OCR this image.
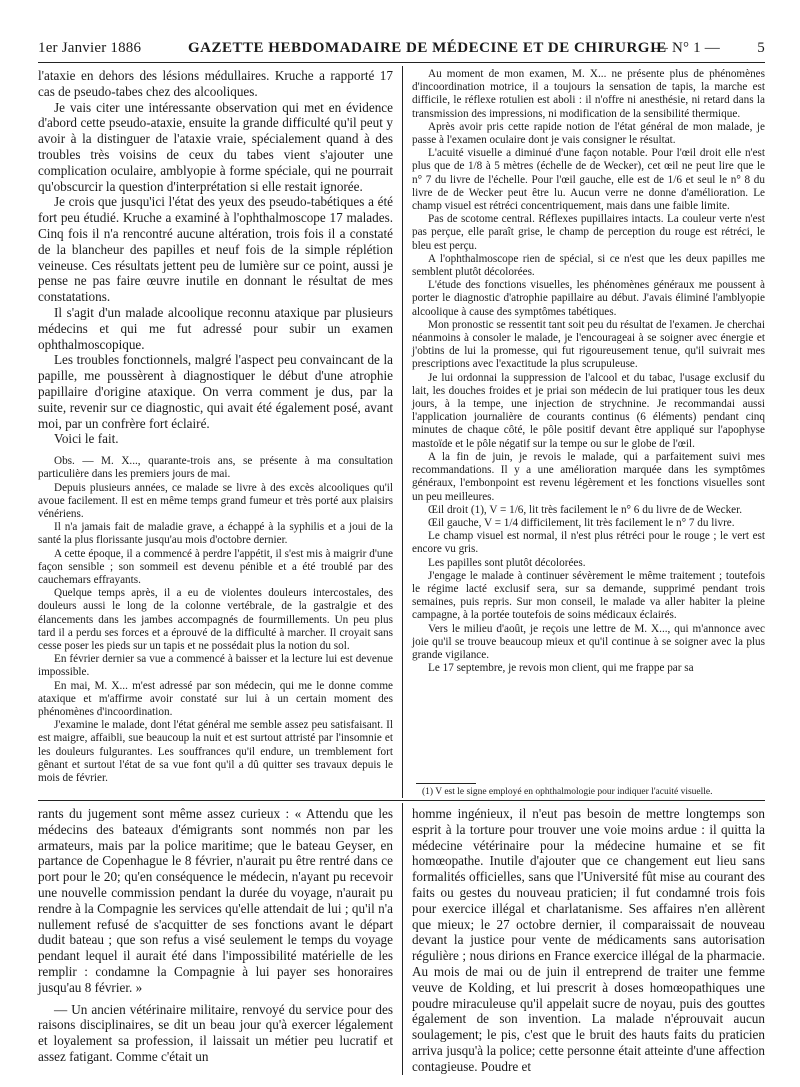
1er Janvier 1886	GAZETTE HEBDOMADAIRE DE MÉDECINE ET DE CHIRURGIE
— N° 1 — 5

l'ataxie en dehors des lésions médullaires. Kruche a rapporté 17 cas de pseudo-tabes chez des alcooliques.

Je vais citer une intéressante observation qui met en évidence d'abord cette pseudo-ataxie, ensuite la grande difficulté qu'il peut y avoir à la distinguer de l'ataxie vraie, spécialement quand à des troubles très voisins de ceux du tabes vient s'ajouter une complication oculaire, amblyopie à forme spéciale, qui ne pourrait qu'obscurcir la question d'interprétation si elle restait ignorée.

Je crois que jusqu'ici l'état des yeux des pseudo-tabétiques a été fort peu étudié. Kruche a examiné à l'ophthalmoscope 17 malades. Cinq fois il n'a rencontré aucune altération, trois fois il a constaté de la blancheur des papilles et neuf fois de la simple réplétion veineuse. Ces résultats jettent peu de lumière sur ce point, aussi je pense ne pas faire œuvre inutile en donnant le résultat de mes constatations.

Il s'agit d'un malade alcoolique reconnu ataxique par plusieurs médecins et qui me fut adressé pour subir un examen ophthalmoscopique.

Les troubles fonctionnels, malgré l'aspect peu convaincant de la papille, me poussèrent à diagnostiquer le début d'une atrophie papillaire d'origine ataxique. On verra comment je dus, par la suite, revenir sur ce diagnostic, qui avait été également posé, avant moi, par un confrère fort éclairé.

Voici le fait.

Obs. — M. X..., quarante-trois ans, se présente à ma consultation particulière dans les premiers jours de mai.

Depuis plusieurs années, ce malade se livre à des excès alcooliques qu'il avoue facilement. Il est en même temps grand fumeur et très porté aux plaisirs vénériens.

Il n'a jamais fait de maladie grave, a échappé à la syphilis et a joui de la santé la plus florissante jusqu'au mois d'octobre dernier.

A cette époque, il a commencé à perdre l'appétit, il s'est mis à maigrir d'une façon sensible ; son sommeil est devenu pénible et a été troublé par des cauchemars effrayants.

Quelque temps après, il a eu de violentes douleurs intercostales, des douleurs aussi le long de la colonne vertébrale, de la gastralgie et des élancements dans les jambes accompagnés de fourmillements. Un peu plus tard il a perdu ses forces et a éprouvé de la difficulté à marcher. Il croyait sans cesse poser les pieds sur un tapis et ne possédait plus la notion du sol.

En février dernier sa vue a commencé à baisser et la lecture lui est devenue impossible.

En mai, M. X... m'est adressé par son médecin, qui me le donne comme ataxique et m'affirme avoir constaté sur lui à un certain moment des phénomènes d'incoordination.

J'examine le malade, dont l'état général me semble assez peu satisfaisant. Il est maigre, affaibli, sue beaucoup la nuit et est surtout attristé par l'insomnie et les douleurs fulgurantes. Les souffrances qu'il endure, un tremblement fort gênant et surtout l'état de sa vue font qu'il a dû quitter ses travaux depuis le mois de février.

Au moment de mon examen, M. X... ne présente plus de phénomènes d'incoordination motrice, il a toujours la sensation de tapis, la marche est difficile, le réflexe rotulien est aboli : il n'offre ni anesthésie, ni retard dans la transmission des impressions, ni modification de la sensibilité thermique.

Après avoir pris cette rapide notion de l'état général de mon malade, je passe à l'examen oculaire dont je vais consigner le résultat.

L'acuité visuelle a diminué d'une façon notable. Pour l'œil droit elle n'est plus que de 1/8 à 5 mètres (échelle de de Wecker), cet œil ne peut lire que le n° 7 du livre de l'échelle. Pour l'œil gauche, elle est de 1/6 et seul le n° 8 du livre de de Wecker peut être lu. Aucun verre ne donne d'amélioration. Le champ visuel est rétréci concentriquement, mais dans une faible limite.

Pas de scotome central. Réflexes pupillaires intacts. La couleur verte n'est pas perçue, elle paraît grise, le champ de perception du rouge est rétréci, le bleu est perçu.

A l'ophthalmoscope rien de spécial, si ce n'est que les deux papilles me semblent plutôt décolorées.

L'étude des fonctions visuelles, les phénomènes généraux me poussent à porter le diagnostic d'atrophie papillaire au début. J'avais éliminé l'amblyopie alcoolique à cause des symptômes tabétiques.

Mon pronostic se ressentit tant soit peu du résultat de l'examen. Je cherchai néanmoins à consoler le malade, je l'encourageai à se soigner avec énergie et j'obtins de lui la promesse, qui fut rigoureusement tenue, qu'il suivrait mes prescriptions avec l'exactitude la plus scrupuleuse.

Je lui ordonnai la suppression de l'alcool et du tabac, l'usage exclusif du lait, les douches froides et je priai son médecin de lui pratiquer tous les deux jours, à la tempe, une injection de strychnine. Je recommandai aussi l'application journalière de courants continus (6 éléments) pendant cinq minutes de chaque côté, le pôle positif devant être appliqué sur l'apophyse mastoïde et le pôle négatif sur la tempe ou sur le globe de l'œil.

A la fin de juin, je revois le malade, qui a parfaitement suivi mes recommandations. Il y a une amélioration marquée dans les symptômes généraux, l'embonpoint est revenu légèrement et les fonctions visuelles sont un peu meilleures.

Œil droit (1), V = 1/6, lit très facilement le n° 6 du livre de de Wecker.

Œil gauche, V = 1/4 difficilement, lit très facilement le n° 7 du livre.

Le champ visuel est normal, il n'est plus rétréci pour le rouge ; le vert est encore vu gris.

Les papilles sont plutôt décolorées.

J'engage le malade à continuer sévèrement le même traitement ; toutefois le régime lacté exclusif sera, sur sa demande, supprimé pendant trois semaines, puis repris. Sur mon conseil, le malade va aller habiter la pleine campagne, à la portée toutefois de soins médicaux éclairés.

Vers le milieu d'août, je reçois une lettre de M. X..., qui m'annonce avec joie qu'il se trouve beaucoup mieux et qu'il continue à se soigner avec la plus grande vigilance.

Le 17 septembre, je revois mon client, qui me frappe par sa

(1) V est le signe employé en ophthalmologie pour indiquer l'acuité visuelle.

rants du jugement sont même assez curieux : « Attendu que les médecins des bateaux d'émigrants sont nommés non par les armateurs, mais par la police maritime; que le bateau Geyser, en partance de Copenhague le 8 février, n'aurait pu être rentré dans ce port pour le 20; qu'en conséquence le médecin, n'ayant pu recevoir une nouvelle commission pendant la durée du voyage, n'aurait pu rendre à la Compagnie les services qu'elle attendait de lui ; qu'il n'a nullement refusé de s'acquitter de ses fonctions avant le départ dudit bateau ; que son refus a visé seulement le temps du voyage pendant lequel il aurait été dans l'impossibilité matérielle de les remplir : condamne la Compagnie à lui payer ses honoraires jusqu'au 8 février. »

— Un ancien vétérinaire militaire, renvoyé du service pour des raisons disciplinaires, se dit un beau jour qu'à exercer légalement et loyalement sa profession, il laissait un métier peu lucratif et assez fatigant. Comme c'était un

homme ingénieux, il n'eut pas besoin de mettre longtemps son esprit à la torture pour trouver une voie moins ardue : il quitta la médecine vétérinaire pour la médecine humaine et se fit homœopathe. Inutile d'ajouter que ce changement eut lieu sans formalités officielles, sans que l'Université fût mise au courant des faits ou gestes du nouveau praticien; il fut condamné trois fois pour exercice illégal et charlatanisme. Ses affaires n'en allèrent que mieux; le 27 octobre dernier, il comparaissait de nouveau devant la justice pour vente de médicaments sans autorisation régulière ; nous dirions en France exercice illégal de la pharmacie. Au mois de mai ou de juin il entreprend de traiter une femme veuve de Kolding, et lui prescrit à doses homœopathiques une poudre miraculeuse qu'il appelait sucre de noyau, puis des gouttes également de son invention. La malade n'éprouvait aucun soulagement; le pis, c'est que le bruit des hauts faits du praticien arriva jusqu'à la police; cette personne était atteinte d'une affection contagieuse. Poudre et
